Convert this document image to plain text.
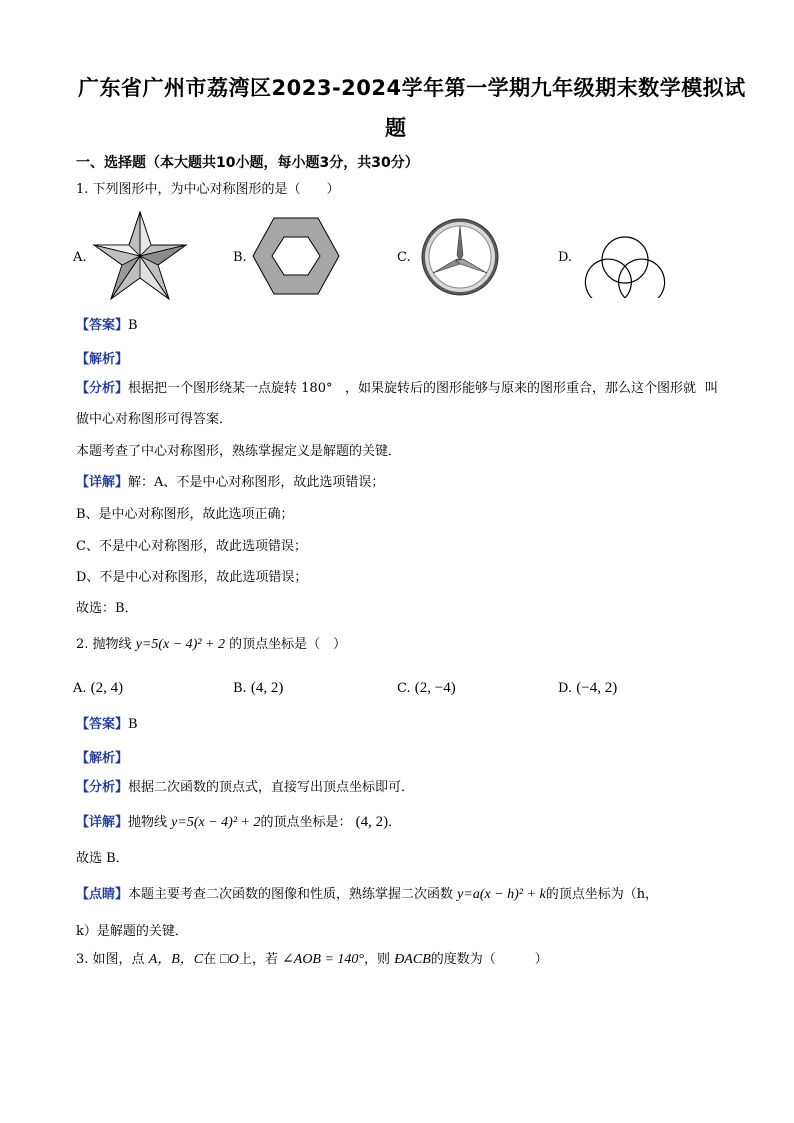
广东省广州市荔湾区2023-2024学年第一学期九年级期末数学模拟试
题
一、选择题（本大题共10小题，每小题3分，共30分）
1. 下列图形中，为中心对称图形的是（　　）
A.	B.	C.	D.
【答案】B
【解析】
【分析】根据把一个图形绕某一点旋转 180° ，如果旋转后的图形能够与原来的图形重合，那么这个图形就 叫
做中心对称图形可得答案．
本题考查了中心对称图形，熟练掌握定义是解题的关键．
【详解】解：A、不是中心对称图形，故此选项错误；
B、是中心对称图形，故此选项正确；
C、不是中心对称图形，故此选项错误；
D、不是中心对称图形，故此选项错误；
故选：B．
2. 抛物线 y=5(x − 4)² + 2 的顶点坐标是（　）
A. (2, 4)	B. (4, 2)	C. (2, −4)	D. (−4, 2)
【答案】B
【解析】
【分析】根据二次函数的顶点式，直接写出顶点坐标即可．
【详解】抛物线 y=5(x − 4)² + 2的顶点坐标是： (4, 2)．
故选 B．
【点睛】本题主要考查二次函数的图像和性质，熟练掌握二次函数 y=a(x − h)² + k的顶点坐标为（h，
k）是解题的关键．
3. 如图，点 A，B，C在 □O上，若 ∠AOB = 140°，则 ÐACB的度数为（　　　）
